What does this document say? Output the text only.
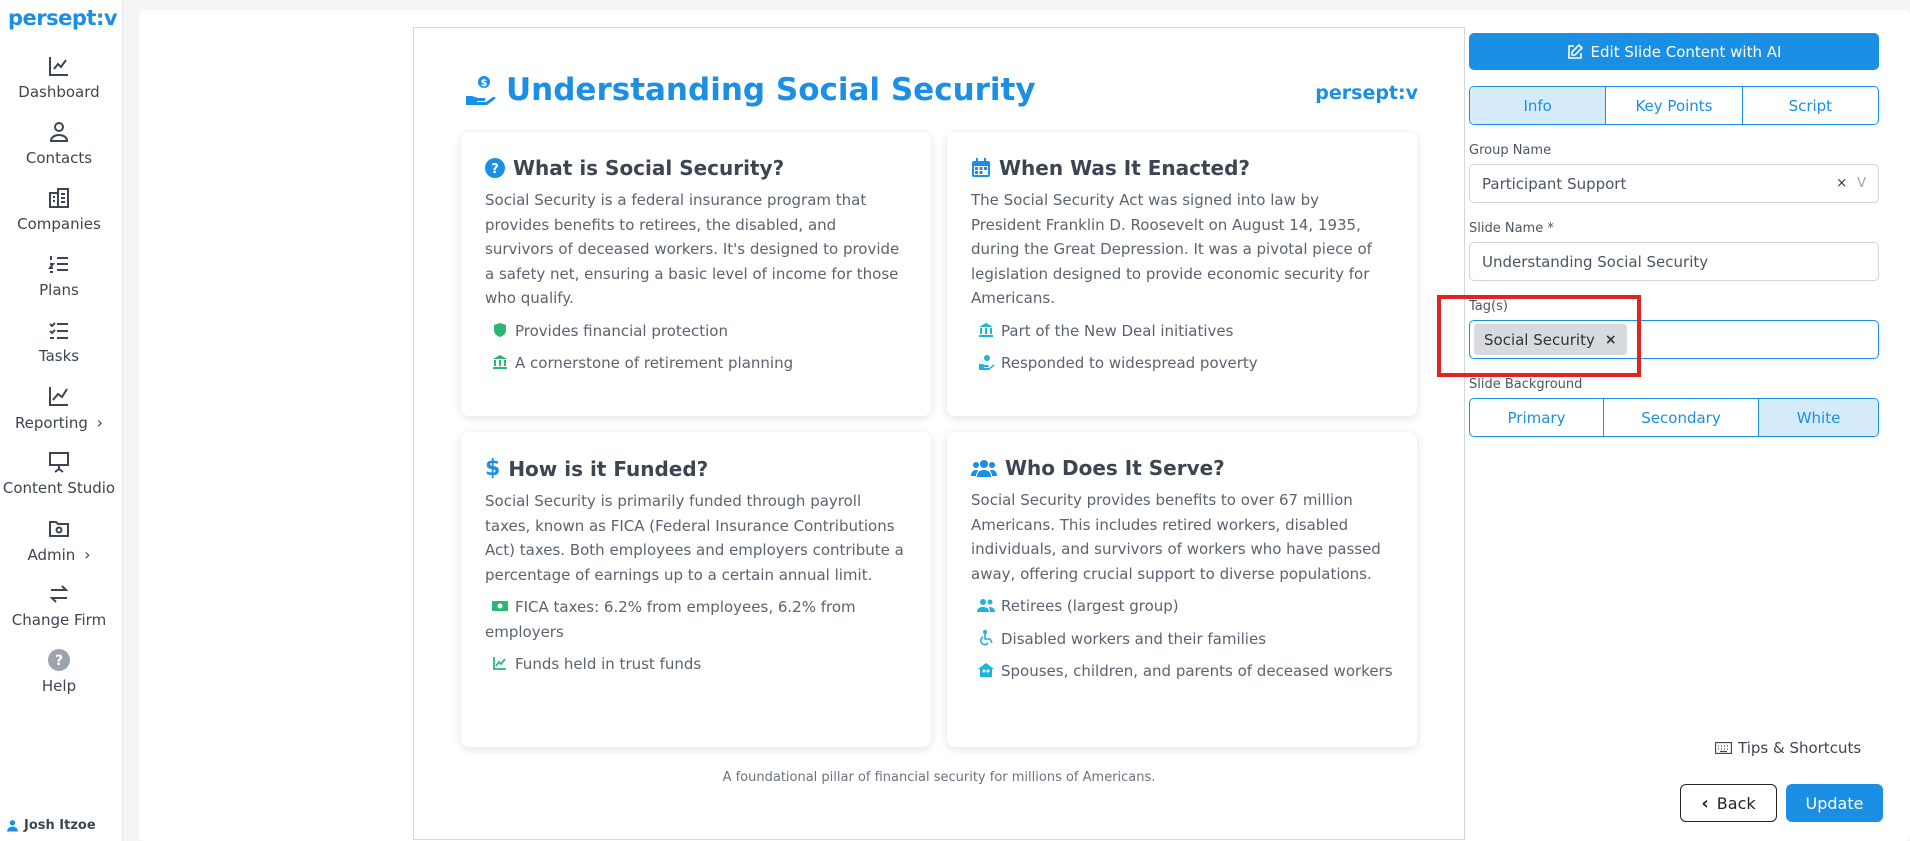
persept:v
Dashboard
Contacts
Companies
Plans
Tasks
Reporting ›
Content Studio
Admin ›
Change Firm
?
Help
Josh Itzoe
$ Understanding Social Security	persept:v
? What is Social Security?

Social Security is a federal insurance program that provides benefits to retirees, the disabled, and survivors of deceased workers. It's designed to provide a safety net, ensuring a basic level of income for those who qualify.

Provides financial protection
A cornerstone of retirement planning
When Was It Enacted?

The Social Security Act was signed into law by President Franklin D. Roosevelt on August 14, 1935, during the Great Depression. It was a pivotal piece of legislation designed to provide economic security for Americans.

Part of the New Deal initiatives
Responded to widespread poverty
$ How is it Funded?

Social Security is primarily funded through payroll taxes, known as FICA (Federal Insurance Contributions Act) taxes. Both employees and employers contribute a percentage of earnings up to a certain annual limit.

FICA taxes: 6.2% from employees, 6.2% from employers
Funds held in trust funds
Who Does It Serve?

Social Security provides benefits to over 67 million Americans. This includes retired workers, disabled individuals, and survivors of workers who have passed away, offering crucial support to diverse populations.

Retirees (largest group)
Disabled workers and their families
Spouses, children, and parents of deceased workers
A foundational pillar of financial security for millions of Americans.
Edit Slide Content with AI
Info	Key Points	Script
Group Name
Participant Support	× V
Slide Name *
Understanding Social Security
Tag(s)
Social Security ×
Slide Background
Primary	Secondary	White
Tips & Shortcuts
‹ Back	Update
